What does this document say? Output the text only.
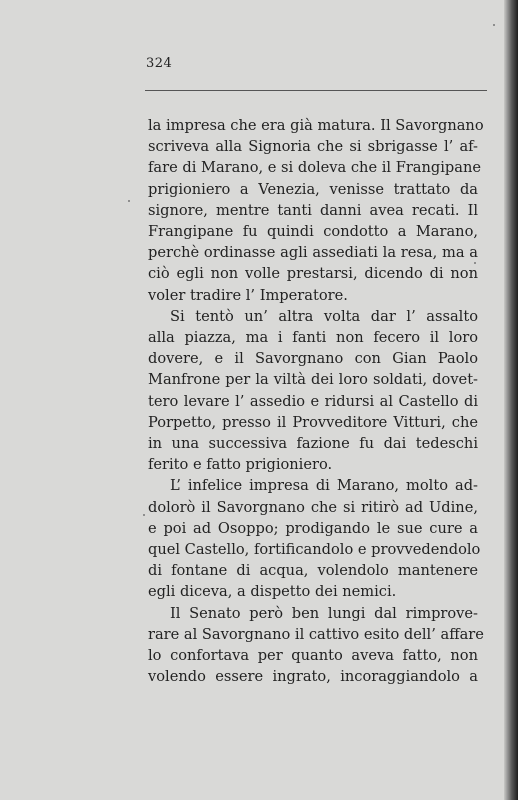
324
la impresa che era già matura. Il Savorgnano
scriveva alla Signoria che si sbrigasse l’ af-
fare di Marano, e si doleva che il Frangipane
prigioniero a Venezia, venisse trattato da
signore, mentre tanti danni avea recati. Il
Frangipane fu quindi condotto a Marano,
perchè ordinasse agli assediati la resa, ma a
ciò egli non volle prestarsi, dicendo di non
voler tradire l’ Imperatore.
Si tentò un’ altra volta dar l’ assalto
alla piazza, ma i fanti non fecero il loro
dovere, e il Savorgnano con Gian Paolo
Manfrone per la viltà dei loro soldati, dovet-
tero levare l’ assedio e ridursi al Castello di
Porpetto, presso il Provveditore Vitturi, che
in una successiva fazione fu dai tedeschi
ferito e fatto prigioniero.
L’ infelice impresa di Marano, molto ad-
dolorò il Savorgnano che si ritirò ad Udine,
e poi ad Osoppo; prodigando le sue cure a
quel Castello, fortificandolo e provvedendolo
di fontane di acqua, volendolo mantenere
egli diceva, a dispetto dei nemici.
Il Senato però ben lungi dal rimprove-
rare al Savorgnano il cattivo esito dell’ affare
lo confortava per quanto aveva fatto, non
volendo essere ingrato, incoraggiandolo a
